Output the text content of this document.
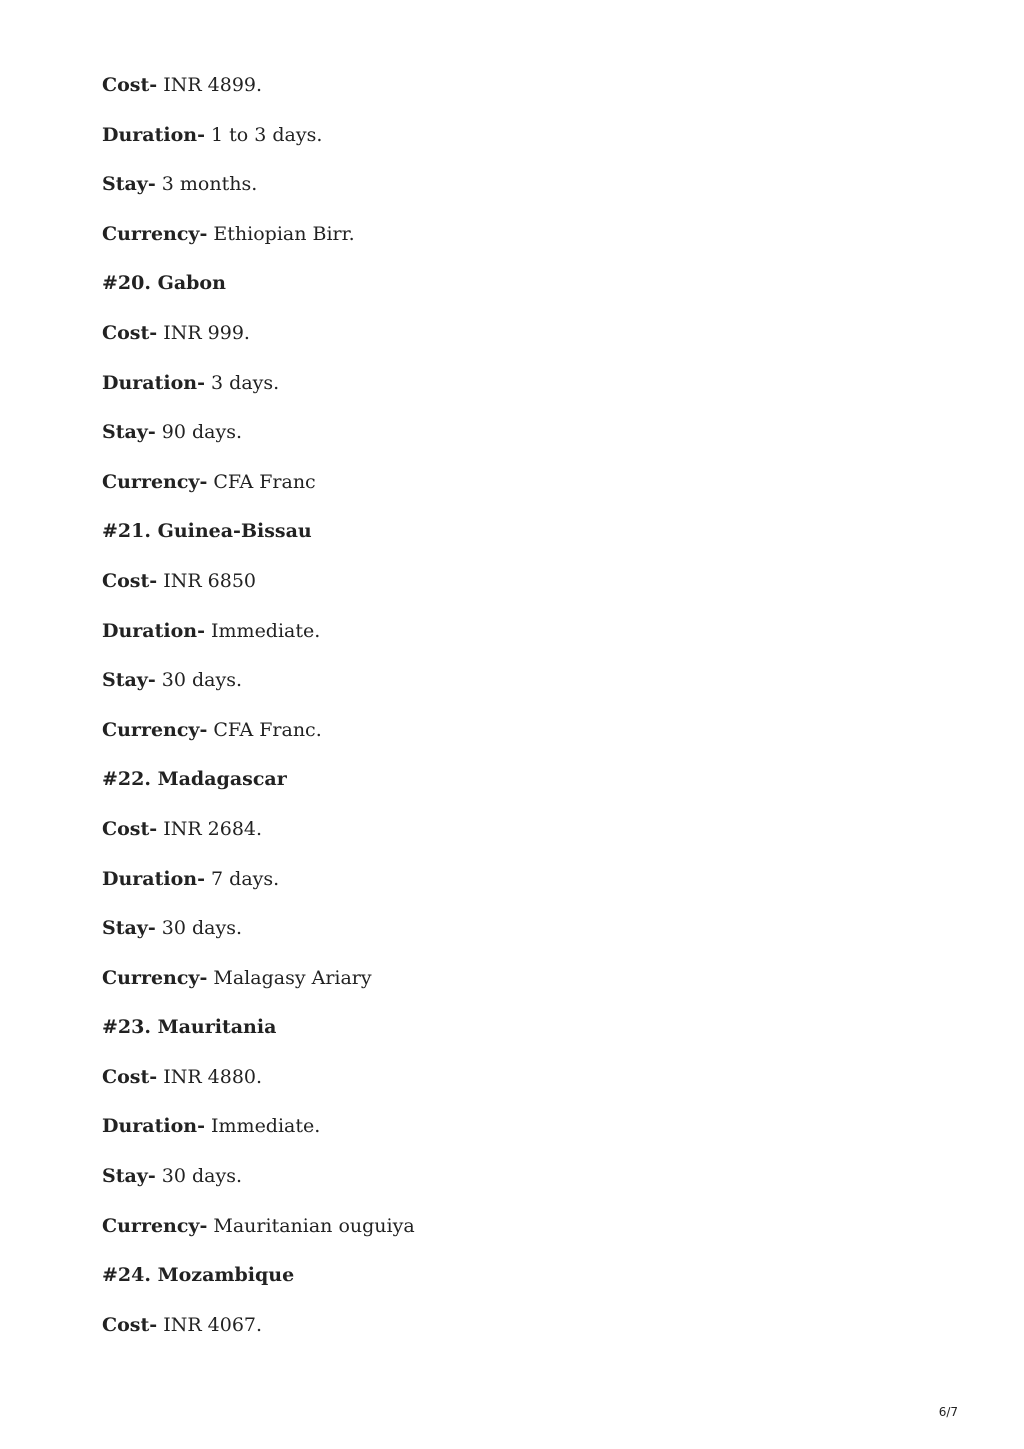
Cost- INR 4899.
Duration- 1 to 3 days.
Stay- 3 months.
Currency- Ethiopian Birr.
#20. Gabon
Cost- INR 999.
Duration- 3 days.
Stay- 90 days.
Currency- CFA Franc
#21. Guinea-Bissau
Cost- INR 6850
Duration- Immediate.
Stay- 30 days.
Currency- CFA Franc.
#22. Madagascar
Cost- INR 2684.
Duration- 7 days.
Stay- 30 days.
Currency- Malagasy Ariary
#23. Mauritania
Cost- INR 4880.
Duration- Immediate.
Stay- 30 days.
Currency- Mauritanian ouguiya
#24. Mozambique
Cost- INR 4067.
6/7
